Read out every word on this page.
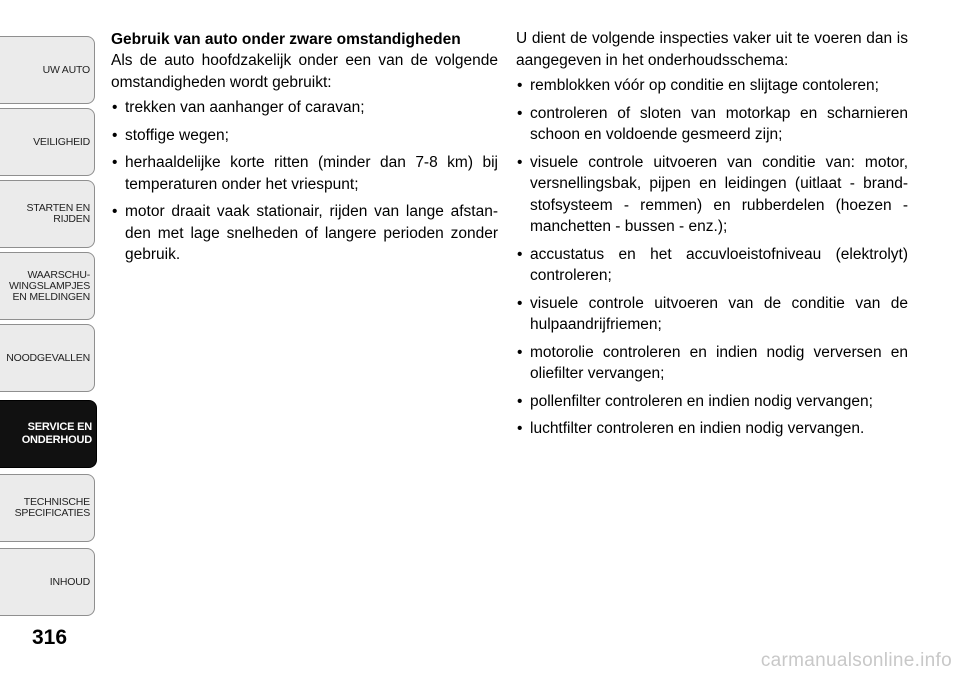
UW AUTO
VEILIGHEID
STARTEN EN
RIJDEN
WAARSCHU-
WINGSLAMPJES
EN MELDINGEN
NOODGEVALLEN
SERVICE EN
ONDERHOUD
TECHNISCHE
SPECIFICATIES
INHOUD
316
Gebruik van auto onder zware omstandigheden

Als de auto hoofdzakelijk onder een van de volgende omstandigheden wordt gebruikt:

• trekken van aanhanger of caravan;
• stoffige wegen;
• herhaaldelijke korte ritten (minder dan 7-8 km) bij temperaturen onder het vriespunt;
• motor draait vaak stationair, rijden van lange afstanden met lage snelheden of langere perioden zonder gebruik.

U dient de volgende inspecties vaker uit te voeren dan is aangegeven in het onderhoudsschema:

• remblokken vóór op conditie en slijtage contoleren;
• controleren of sloten van motorkap en scharnieren schoon en voldoende gesmeerd zijn;
• visuele controle uitvoeren van conditie van: motor, versnellingsbak, pijpen en leidingen (uitlaat - brandstofsysteem - remmen) en rubberdelen (hoezen - manchetten - bussen - enz.);
• accustatus en het accuvloeistofniveau (elektrolyt) controleren;
• visuele controle uitvoeren van de conditie van de hulpaandrijfriemen;
• motorolie controleren en indien nodig verversen en oliefilter vervangen;
• pollenfilter controleren en indien nodig vervangen;
• luchtfilter controleren en indien nodig vervangen.
carmanualsonline.info
